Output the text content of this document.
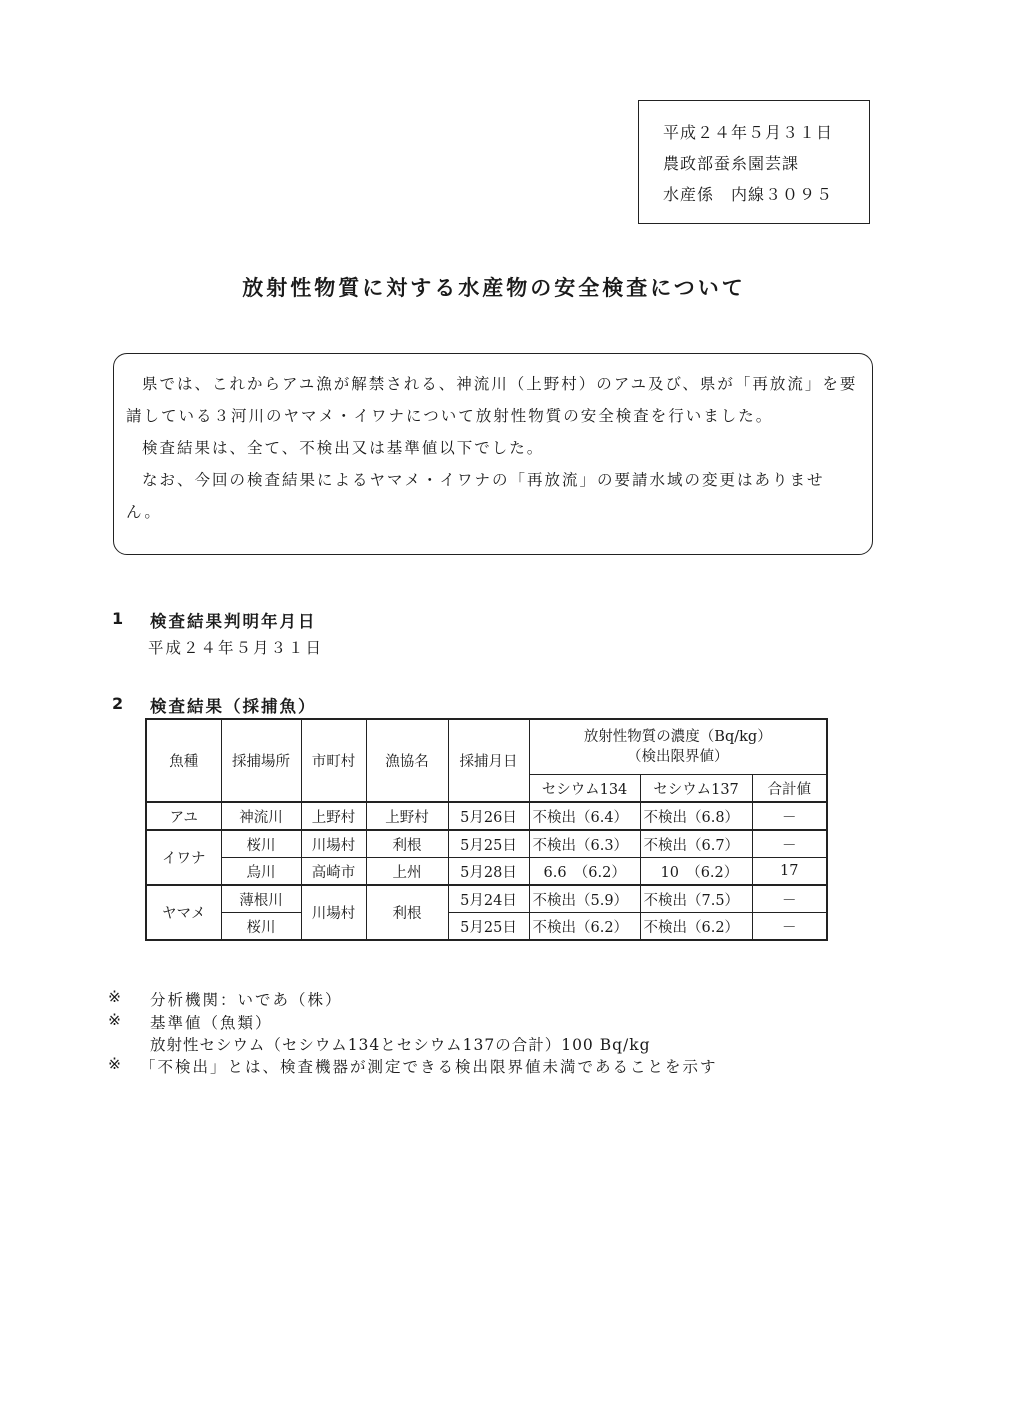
平成２４年５月３１日
農政部蚕糸園芸課
水産係　内線３０９５
放射性物質に対する水産物の安全検査について

県では、これからアユ漁が解禁される、神流川（上野村）のアユ及び、県が「再放流」を要請している３河川のヤマメ・イワナについて放射性物質の安全検査を行いました。

検査結果は、全て、不検出又は基準値以下でした。

なお、今回の検査結果によるヤマメ・イワナの「再放流」の要請水域の変更はありません。

1 検査結果判明年月日
平成２４年５月３１日
2 検査結果（採捕魚）
魚種	採捕場所	市町村	漁協名	採捕月日	放射性物質の濃度（Bq/kg）
（検出限界値）		

					セシウム134	セシウム137	合計値
アユ	神流川	上野村	上野村	5月26日	不検出（6.4）	不検出（6.8）	－
イワナ	桜川	川場村	利根	5月25日	不検出（6.3）	不検出（6.7）	－
	烏川	高崎市	上州	5月28日	6.6　（6.2）	10　（6.2）	17
ヤマメ	薄根川	川場村	利根	5月24日	不検出（5.9）	不検出（7.5）	－
	桜川			5月25日	不検出（6.2）	不検出（6.2）	－
※ 分析機関：いであ（株）
※ 基準値（魚類）
放射性セシウム（セシウム134とセシウム137の合計）100 Bq/kg
※ 「不検出」とは、検査機器が測定できる検出限界値未満であることを示す
